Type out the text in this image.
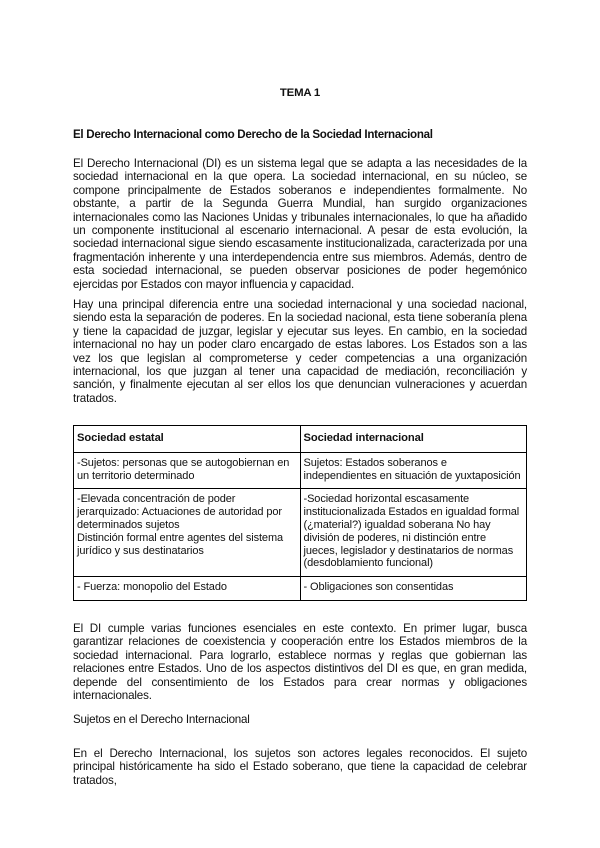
TEMA 1
El Derecho Internacional como Derecho de la Sociedad Internacional

El Derecho Internacional (DI) es un sistema legal que se adapta a las necesidades de la sociedad internacional en la que opera. La sociedad internacional, en su núcleo, se compone principalmente de Estados soberanos e independientes formalmente. No obstante, a partir de la Segunda Guerra Mundial, han surgido organizaciones internacionales como las Naciones Unidas y tribunales internacionales, lo que ha añadido un componente institucional al escenario internacional. A pesar de esta evolución, la sociedad internacional sigue siendo escasamente institucionalizada, caracterizada por una fragmentación inherente y una interdependencia entre sus miembros. Además, dentro de esta sociedad internacional, se pueden observar posiciones de poder hegemónico ejercidas por Estados con mayor influencia y capacidad.

Hay una principal diferencia entre una sociedad internacional y una sociedad nacional, siendo esta la separación de poderes. En la sociedad nacional, esta tiene soberanía plena y tiene la capacidad de juzgar, legislar y ejecutar sus leyes. En cambio, en la sociedad internacional no hay un poder claro encargado de estas labores. Los Estados son a las vez los que legislan al comprometerse y ceder competencias a una organización internacional, los que juzgan al tener una capacidad de mediación, reconciliación y sanción, y finalmente ejecutan al ser ellos los que denuncian vulneraciones y acuerdan tratados.

Sociedad estatal	Sociedad internacional

-Sujetos: personas que se autogobiernan en un territorio determinado	Sujetos: Estados soberanos e independientes en situación de yuxtaposición

-Elevada concentración de poder jerarquizado: Actuaciones de autoridad por determinados sujetos
Distinción formal entre agentes del sistema jurídico y sus destinatarios	-Sociedad horizontal escasamente institucionalizada Estados en igualdad formal (¿material?) igualdad soberana No hay división de poderes, ni distinción entre jueces, legislador y destinatarios de normas (desdoblamiento funcional)

- Fuerza: monopolio del Estado	- Obligaciones son consentidas

El DI cumple varias funciones esenciales en este contexto. En primer lugar, busca garantizar relaciones de coexistencia y cooperación entre los Estados miembros de la sociedad internacional. Para lograrlo, establece normas y reglas que gobiernan las relaciones entre Estados. Uno de los aspectos distintivos del DI es que, en gran medida, depende del consentimiento de los Estados para crear normas y obligaciones internacionales.

Sujetos en el Derecho Internacional

En el Derecho Internacional, los sujetos son actores legales reconocidos. El sujeto principal históricamente ha sido el Estado soberano, que tiene la capacidad de celebrar tratados,
